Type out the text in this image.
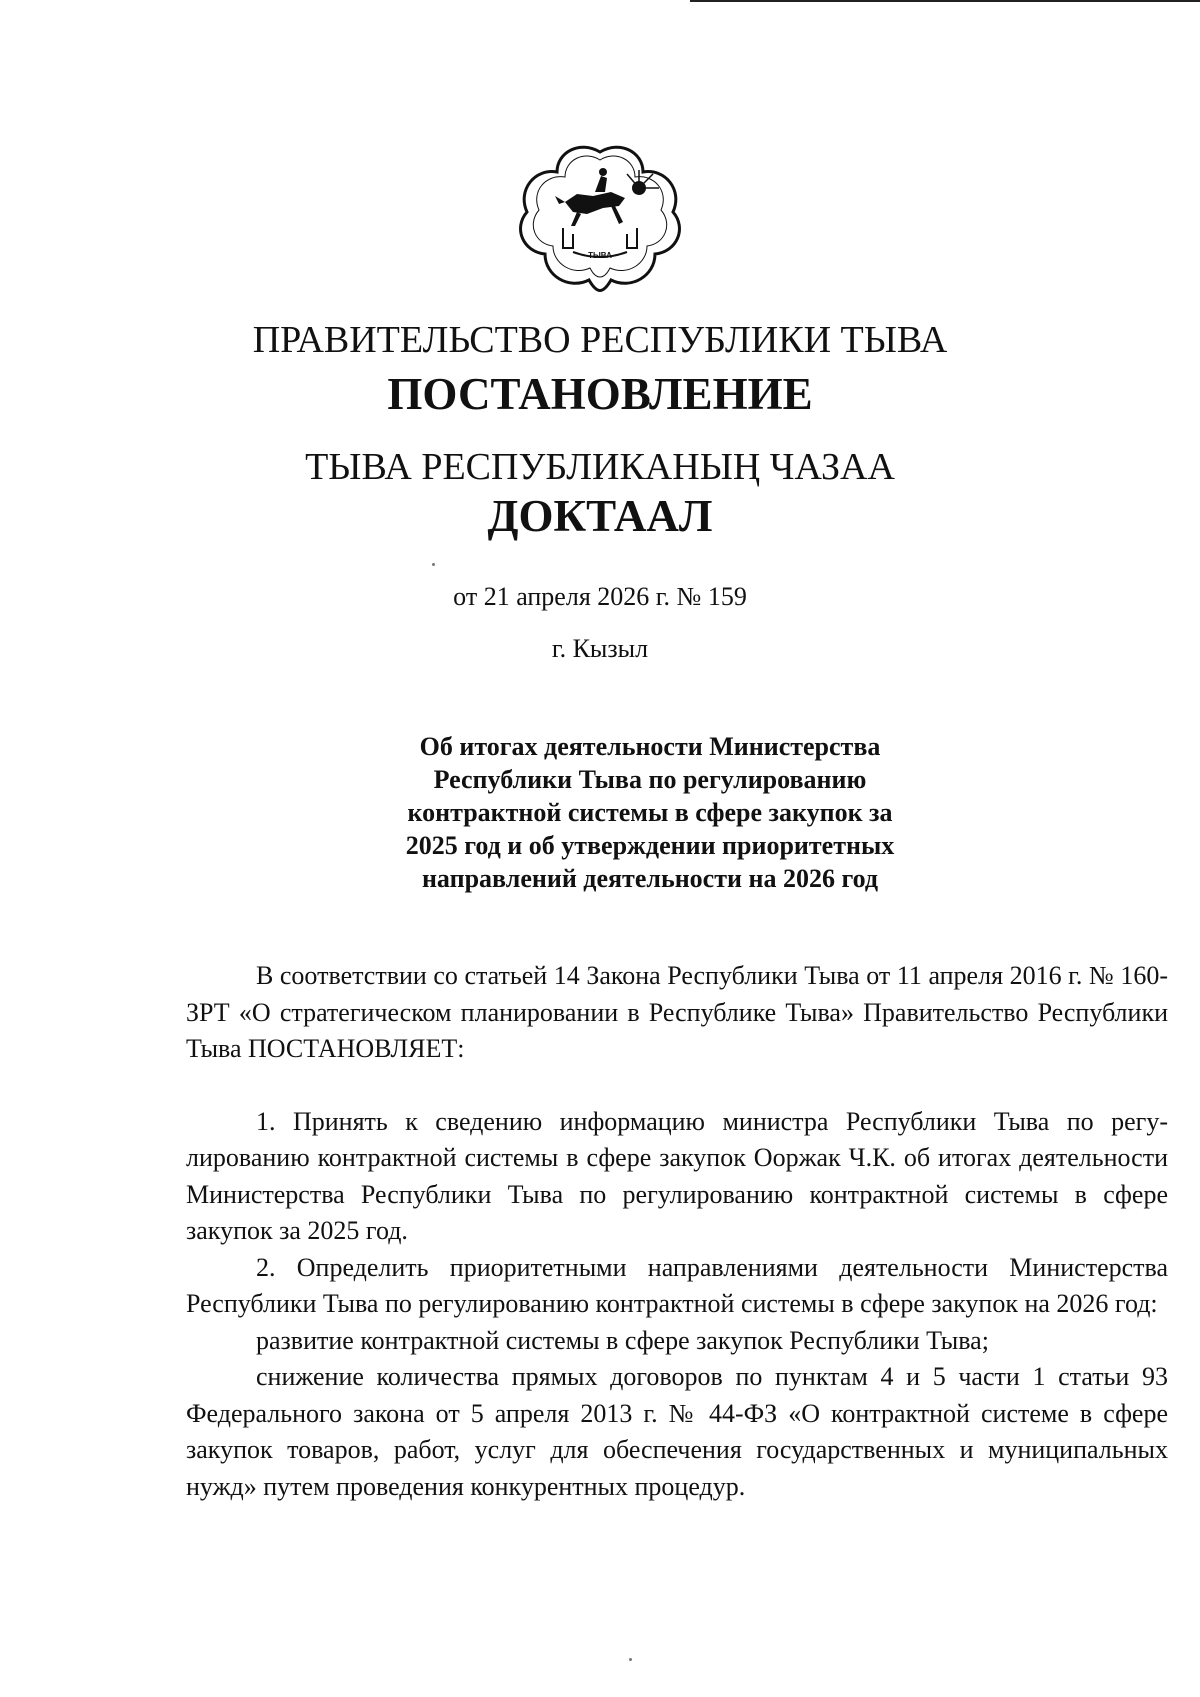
ТЫВА
ПРАВИТЕЛЬСТВО РЕСПУБЛИКИ ТЫВА
ПОСТАНОВЛЕНИЕ
ТЫВА РЕСПУБЛИКАНЫҢ ЧАЗАА
ДОКТААЛ
от 21 апреля 2026 г. № 159
г. Кызыл
Об итогах деятельности Министерства
Республики Тыва по регулированию
контрактной системы в сфере закупок за
2025 год и об утверждении приоритетных
направлений деятельности на 2026 год

В соответствии со статьей 14 Закона Республики Тыва от 11 апреля 2016 г. № 160-ЗРТ «О стратегическом планировании в Республике Тыва» Правительство Республики Тыва ПОСТАНОВЛЯЕТ:

1. Принять к сведению информацию министра Республики Тыва по регулированию контрактной системы в сфере закупок Ооржак Ч.К. об итогах деятельности Министерства Республики Тыва по регулированию контрактной системы в сфере закупок за 2025 год.

2. Определить приоритетными направлениями деятельности Министерства Республики Тыва по регулированию контрактной системы в сфере закупок на 2026 год:

развитие контрактной системы в сфере закупок Республики Тыва;

снижение количества прямых договоров по пунктам 4 и 5 части 1 статьи 93 Федерального закона от 5 апреля 2013 г. № 44-ФЗ «О контрактной системе в сфере закупок товаров, работ, услуг для обеспечения государственных и муниципальных нужд» путем проведения конкурентных процедур.
